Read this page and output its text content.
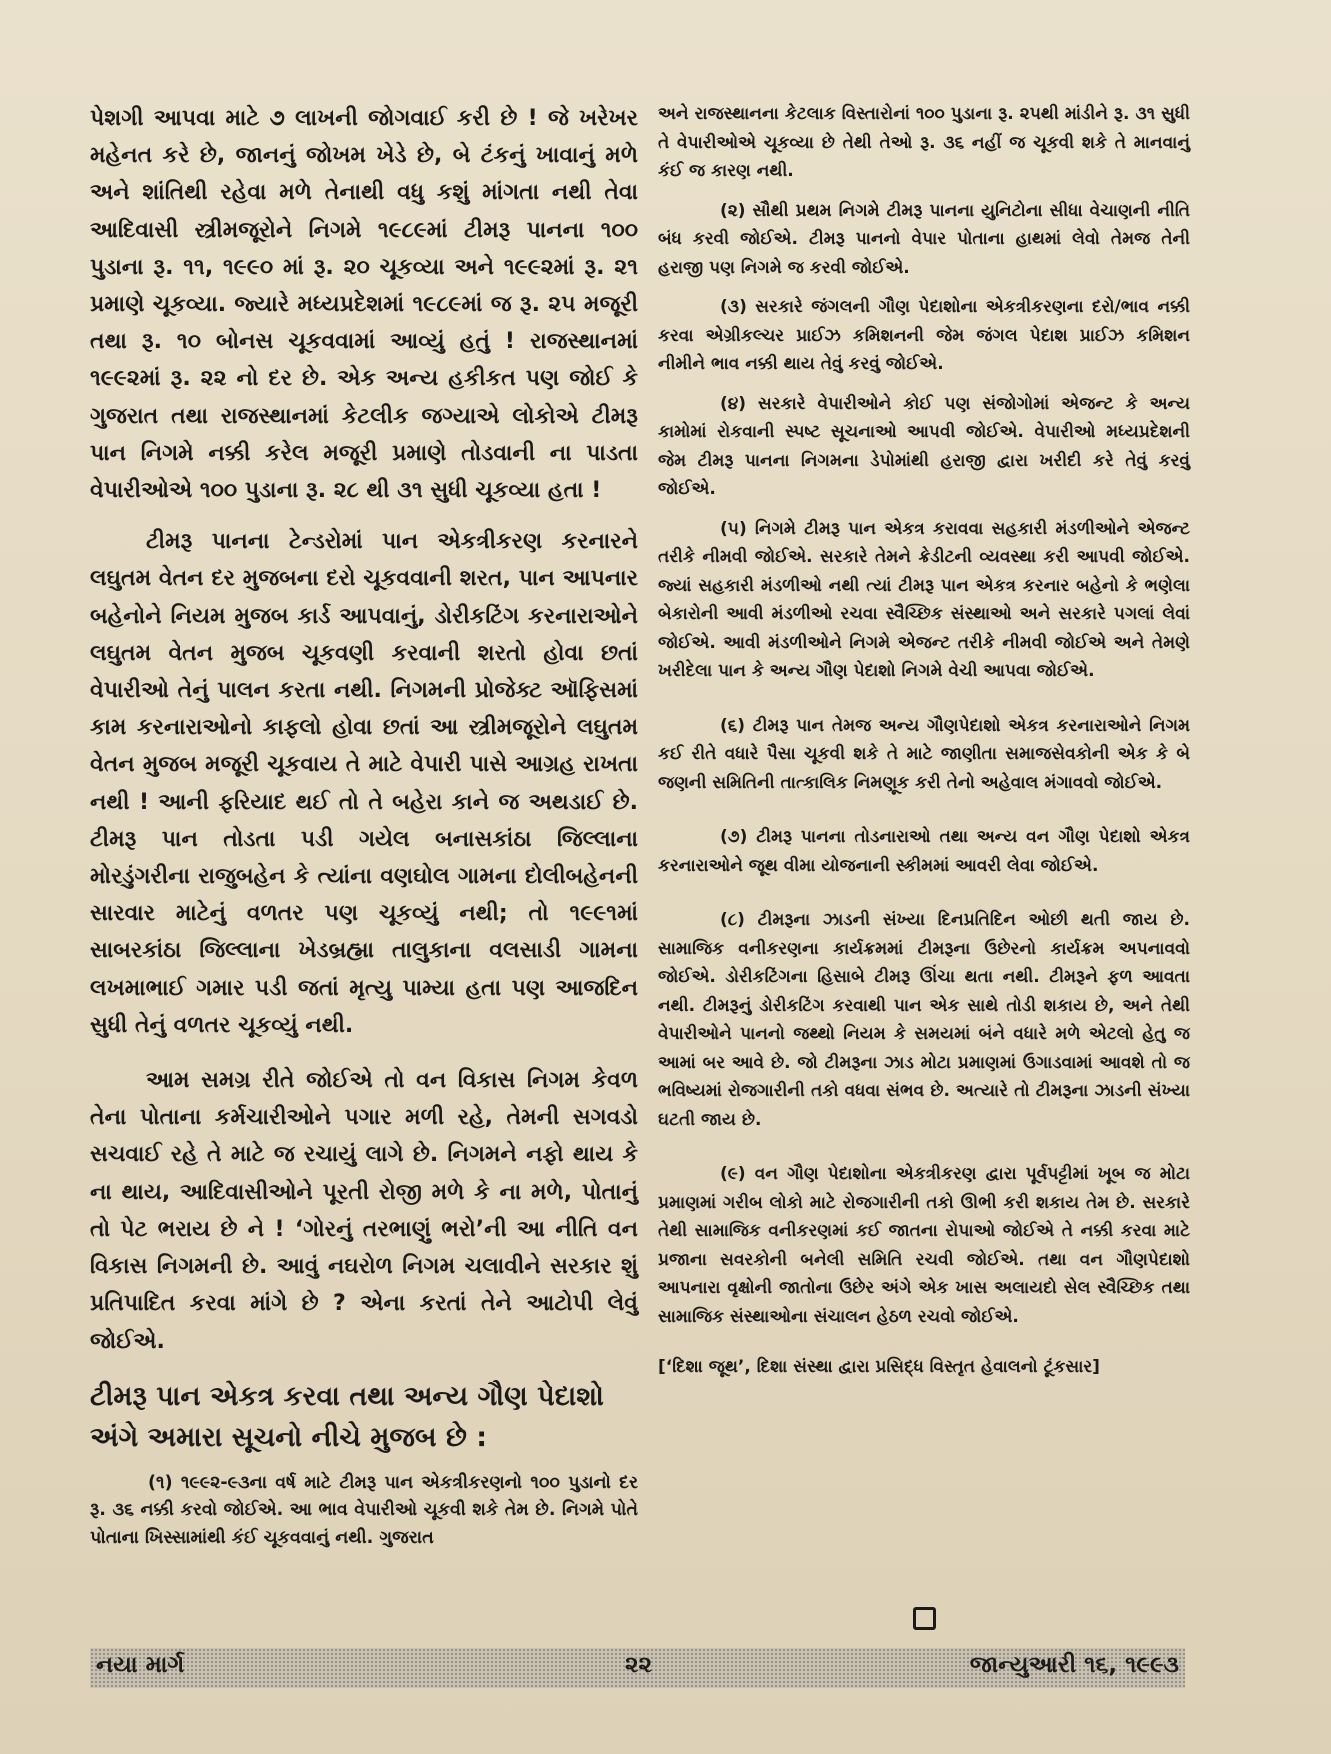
પેશગી આપવા માટે ૭ લાખની જોગવાઈ કરી છે ! જે ખરેખર મહેનત કરે છે, જાનનું જોખમ ખેડે છે, બે ટંકનું ખાવાનું મળે અને શાંતિથી રહેવા મળે તેનાથી વધુ કશું માંગતા નથી તેવા આદિવાસી સ્ત્રીમજૂરોને નિગમે ૧૯૮૯માં ટીમરૂ પાનના ૧૦૦ પુડાના રૂ. ૧૧, ૧૯૯૦ માં રૂ. ૨૦ ચૂકવ્યા અને ૧૯૯૨માં રૂ. ૨૧ પ્રમાણે ચૂકવ્યા. જ્યારે મધ્યપ્રદેશમાં ૧૯૮૯માં જ રૂ. ૨૫ મજૂરી તથા રૂ. ૧૦ બોનસ ચૂકવવામાં આવ્યું હતું ! રાજસ્થાનમાં ૧૯૯૨માં રૂ. ૨૨ નો દર છે. એક અન્ય હકીકત પણ જોઈ કે ગુજરાત તથા રાજસ્થાનમાં કેટલીક જગ્યાએ લોકોએ ટીમરૂ પાન નિગમે નક્કી કરેલ મજૂરી પ્રમાણે તોડવાની ના પાડતા વેપારીઓએ ૧૦૦ પુડાના રૂ. ૨૮ થી ૩૧ સુધી ચૂકવ્યા હતા !

ટીમરૂ પાનના ટેન્ડરોમાં પાન એકત્રીકરણ કરનારને લઘુતમ વેતન દર મુજબના દરો ચૂકવવાની શરત, પાન આપનાર બહેનોને નિયમ મુજબ કાર્ડ આપવાનું, ડોરીકટિંગ કરનારાઓને લઘુતમ વેતન મુજબ ચૂકવણી કરવાની શરતો હોવા છતાં વેપારીઓ તેનું પાલન કરતા નથી. નિગમની પ્રોજેક્ટ ઑફિસમાં કામ કરનારાઓનો કાફલો હોવા છતાં આ સ્ત્રીમજૂરોને લઘુતમ વેતન મુજબ મજૂરી ચૂકવાય તે માટે વેપારી પાસે આગ્રહ રાખતા નથી ! આની ફરિયાદ થઈ તો તે બહેરા કાને જ અથડાઈ છે. ટીમરૂ પાન તોડતા પડી ગયેલ બનાસકાંઠા જિલ્લાના મોરડુંગરીના રાજુબહેન કે ત્યાંના વણઘોલ ગામના દોલીબહેનની સારવાર માટેનું વળતર પણ ચૂકવ્યું નથી; તો ૧૯૯૧માં સાબરકાંઠા જિલ્લાના ખેડબ્રહ્મા તાલુકાના વલસાડી ગામના લખમાભાઈ ગમાર પડી જતાં મૃત્યુ પામ્યા હતા પણ આજદિન સુધી તેનું વળતર ચૂકવ્યું નથી.

આમ સમગ્ર રીતે જોઈએ તો વન વિકાસ નિગમ કેવળ તેના પોતાના કર્મચારીઓને પગાર મળી રહે, તેમની સગવડો સચવાઈ રહે તે માટે જ રચાયું લાગે છે. નિગમને નફો થાય કે ના થાય, આદિવાસીઓને પૂરતી રોજી મળે કે ના મળે, પોતાનું તો પેટ ભરાય છે ને ! ‘ગોરનું તરભાણું ભરો’ની આ નીતિ વન વિકાસ નિગમની છે. આવું નઘરોળ નિગમ ચલાવીને સરકાર શું પ્રતિપાદિત કરવા માંગે છે ? એના કરતાં તેને આટોપી લેવું જોઈએ.

ટીમરૂ પાન એકત્ર કરવા તથા અન્ય ગૌણ પેદાશો અંગે અમારા સૂચનો નીચે મુજબ છે :

(૧) ૧૯૯૨-૯૩ના વર્ષ માટે ટીમરૂ પાન એકત્રીકરણનો ૧૦૦ પુડાનો દર રૂ. ૩૬ નક્કી કરવો જોઈએ. આ ભાવ વેપારીઓ ચૂકવી શકે તેમ છે. નિગમે પોતે પોતાના ખિસ્સામાંથી કંઈ ચૂકવવાનું નથી. ગુજરાત

અને રાજસ્થાનના કેટલાક વિસ્તારોનાં ૧૦૦ પુડાના રૂ. ૨૫થી માંડીને રૂ. ૩૧ સુધી તે વેપારીઓએ ચૂકવ્યા છે તેથી તેઓ રૂ. ૩૬ નહીં જ ચૂકવી શકે તે માનવાનું કંઈ જ કારણ નથી.

(૨) સૌથી પ્રથમ નિગમે ટીમરૂ પાનના યુનિટોના સીધા વેચાણની નીતિ બંધ કરવી જોઈએ. ટીમરૂ પાનનો વેપાર પોતાના હાથમાં લેવો તેમજ તેની હરાજી પણ નિગમે જ કરવી જોઈએ.

(૩) સરકારે જંગલની ગૌણ પેદાશોના એકત્રીકરણના દરો/ભાવ નક્કી કરવા એગ્રીકલ્ચર પ્રાઈઝ કમિશનની જેમ જંગલ પેદાશ પ્રાઈઝ કમિશન નીમીને ભાવ નક્કી થાય તેવું કરવું જોઈએ.

(૪) સરકારે વેપારીઓને કોઈ પણ સંજોગોમાં એજન્ટ કે અન્ય કામોમાં રોકવાની સ્પષ્ટ સૂચનાઓ આપવી જોઈએ. વેપારીઓ મધ્યપ્રદેશની જેમ ટીમરૂ પાનના નિગમના ડેપોમાંથી હરાજી દ્વારા ખરીદી કરે તેવું કરવું જોઈએ.

(૫) નિગમે ટીમરૂ પાન એકત્ર કરાવવા સહકારી મંડળીઓને એજન્ટ તરીકે નીમવી જોઈએ. સરકારે તેમને ક્રેડીટની વ્યવસ્થા કરી આપવી જોઈએ. જ્યાં સહકારી મંડળીઓ નથી ત્યાં ટીમરૂ પાન એકત્ર કરનાર બહેનો કે ભણેલા બેકારોની આવી મંડળીઓ રચવા સ્વૈચ્છિક સંસ્થાઓ અને સરકારે પગલાં લેવાં જોઈએ. આવી મંડળીઓને નિગમે એજન્ટ તરીકે નીમવી જોઈએ અને તેમણે ખરીદેલા પાન કે અન્ય ગૌણ પેદાશો નિગમે વેચી આપવા જોઈએ.

(૬) ટીમરૂ પાન તેમજ અન્ય ગૌણપેદાશો એકત્ર કરનારાઓને નિગમ કઈ રીતે વધારે પૈસા ચૂકવી શકે તે માટે જાણીતા સમાજસેવકોની એક કે બે જણની સમિતિની તાત્કાલિક નિમણૂક કરી તેનો અહેવાલ મંગાવવો જોઈએ.

(૭) ટીમરૂ પાનના તોડનારાઓ તથા અન્ય વન ગૌણ પેદાશો એકત્ર કરનારાઓને જૂથ વીમા યોજનાની સ્કીમમાં આવરી લેવા જોઈએ.

(૮) ટીમરૂના ઝાડની સંખ્યા દિનપ્રતિદિન ઓછી થતી જાય છે. સામાજિક વનીકરણના કાર્યક્રમમાં ટીમરૂના ઉછેરનો કાર્યક્રમ અપનાવવો જોઈએ. ડોરીકટિંગના હિસાબે ટીમરૂ ઊંચા થતા નથી. ટીમરૂને ફળ આવતા નથી. ટીમરૂનું ડોરીકટિંગ કરવાથી પાન એક સાથે તોડી શકાય છે, અને તેથી વેપારીઓને પાનનો જથ્થો નિયમ કે સમયમાં બંને વધારે મળે એટલો હેતુ જ આમાં બર આવે છે. જો ટીમરૂના ઝાડ મોટા પ્રમાણમાં ઉગાડવામાં આવશે તો જ ભવિષ્યમાં રોજગારીની તકો વધવા સંભવ છે. અત્યારે તો ટીમરૂના ઝાડની સંખ્યા ઘટતી જાય છે.

(૯) વન ગૌણ પેદાશોના એકત્રીકરણ દ્વારા પૂર્વપટ્ટીમાં ખૂબ જ મોટા પ્રમાણમાં ગરીબ લોકો માટે રોજગારીની તકો ઊભી કરી શકાય તેમ છે. સરકારે તેથી સામાજિક વનીકરણમાં કઈ જાતના રોપાઓ જોઈએ તે નક્કી કરવા માટે પ્રજાના સવરકોની બનેલી સમિતિ રચવી જોઈએ. તથા વન ગૌણપેદાશો આપનારા વૃક્ષોની જાતોના ઉછેર અંગે એક ખાસ અલાયદો સેલ સ્વૈચ્છિક તથા સામાજિક સંસ્થાઓના સંચાલન હેઠળ રચવો જોઈએ.

[‘દિશા જૂથ’, દિશા સંસ્થા દ્વારા પ્રસિદ્ધ વિસ્તૃત હેવાલનો ટૂંકસાર]

નયા માર્ગ	૨૨	જાન્યુઆરી ૧૬, ૧૯૯૩
